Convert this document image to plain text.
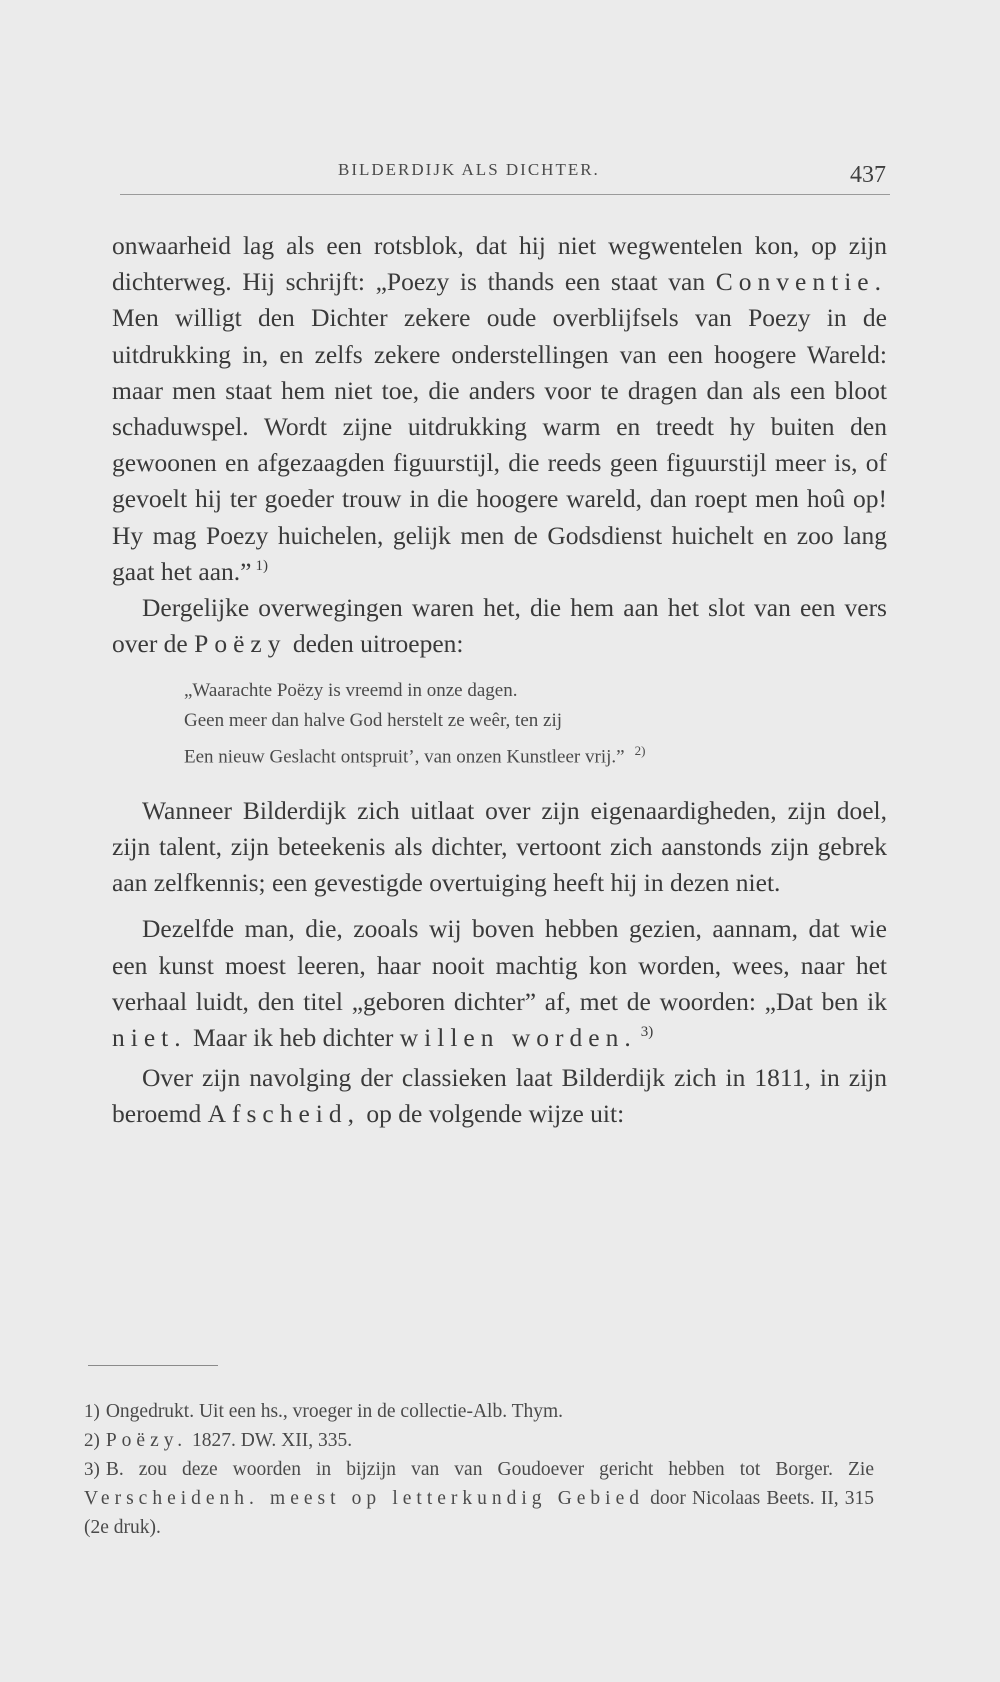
BILDERDIJK ALS DICHTER.	437

onwaarheid lag als een rotsblok, dat hij niet wegwentelen kon, op zijn dichterweg. Hij schrijft: „Poezy is thands een staat van Conventie. Men willigt den Dichter zekere oude overblijfsels van Poezy in de uitdrukking in, en zelfs zekere onderstellingen van een hoogere Wareld: maar men staat hem niet toe, die anders voor te dragen dan als een bloot schaduwspel. Wordt zijne uitdrukking warm en treedt hy buiten den gewoonen en afgezaagden figuurstijl, die reeds geen figuurstijl meer is, of gevoelt hij ter goeder trouw in die hoogere wareld, dan roept men hoû op! Hy mag Poezy huichelen, gelijk men de Godsdienst huichelt en zoo lang gaat het aan.” $^{1)}$

Dergelijke overwegingen waren het, die hem aan het slot van een vers over de Poëzy deden uitroepen:

„Waarachte Poëzy is vreemd in onze dagen.
Geen meer dan halve God herstelt ze weêr, ten zij
Een nieuw Geslacht ontspruit’, van onzen Kunstleer vrij.” $^{2)}$

Wanneer Bilderdijk zich uitlaat over zijn eigenaardigheden, zijn doel, zijn talent, zijn beteekenis als dichter, vertoont zich aanstonds zijn gebrek aan zelfkennis; een gevestigde overtuiging heeft hij in dezen niet.

Dezelfde man, die, zooals wij boven hebben gezien, aannam, dat wie een kunst moest leeren, haar nooit machtig kon worden, wees, naar het verhaal luidt, den titel „geboren dichter” af, met de woorden: „Dat ben ik niet. Maar ik heb dichter willen worden. $^{3)}$

Over zijn navolging der classieken laat Bilderdijk zich in 1811, in zijn beroemd Afscheid, op de volgende wijze uit:

1) Ongedrukt. Uit een hs., vroeger in de collectie-Alb. Thym.
2) Poëzy. 1827. DW. XII, 335.
3) B. zou deze woorden in bijzijn van van Goudoever gericht hebben tot Borger. Zie Verscheidenh. meest op letterkundig Gebied door Nicolaas Beets. II, 315 (2e druk).
